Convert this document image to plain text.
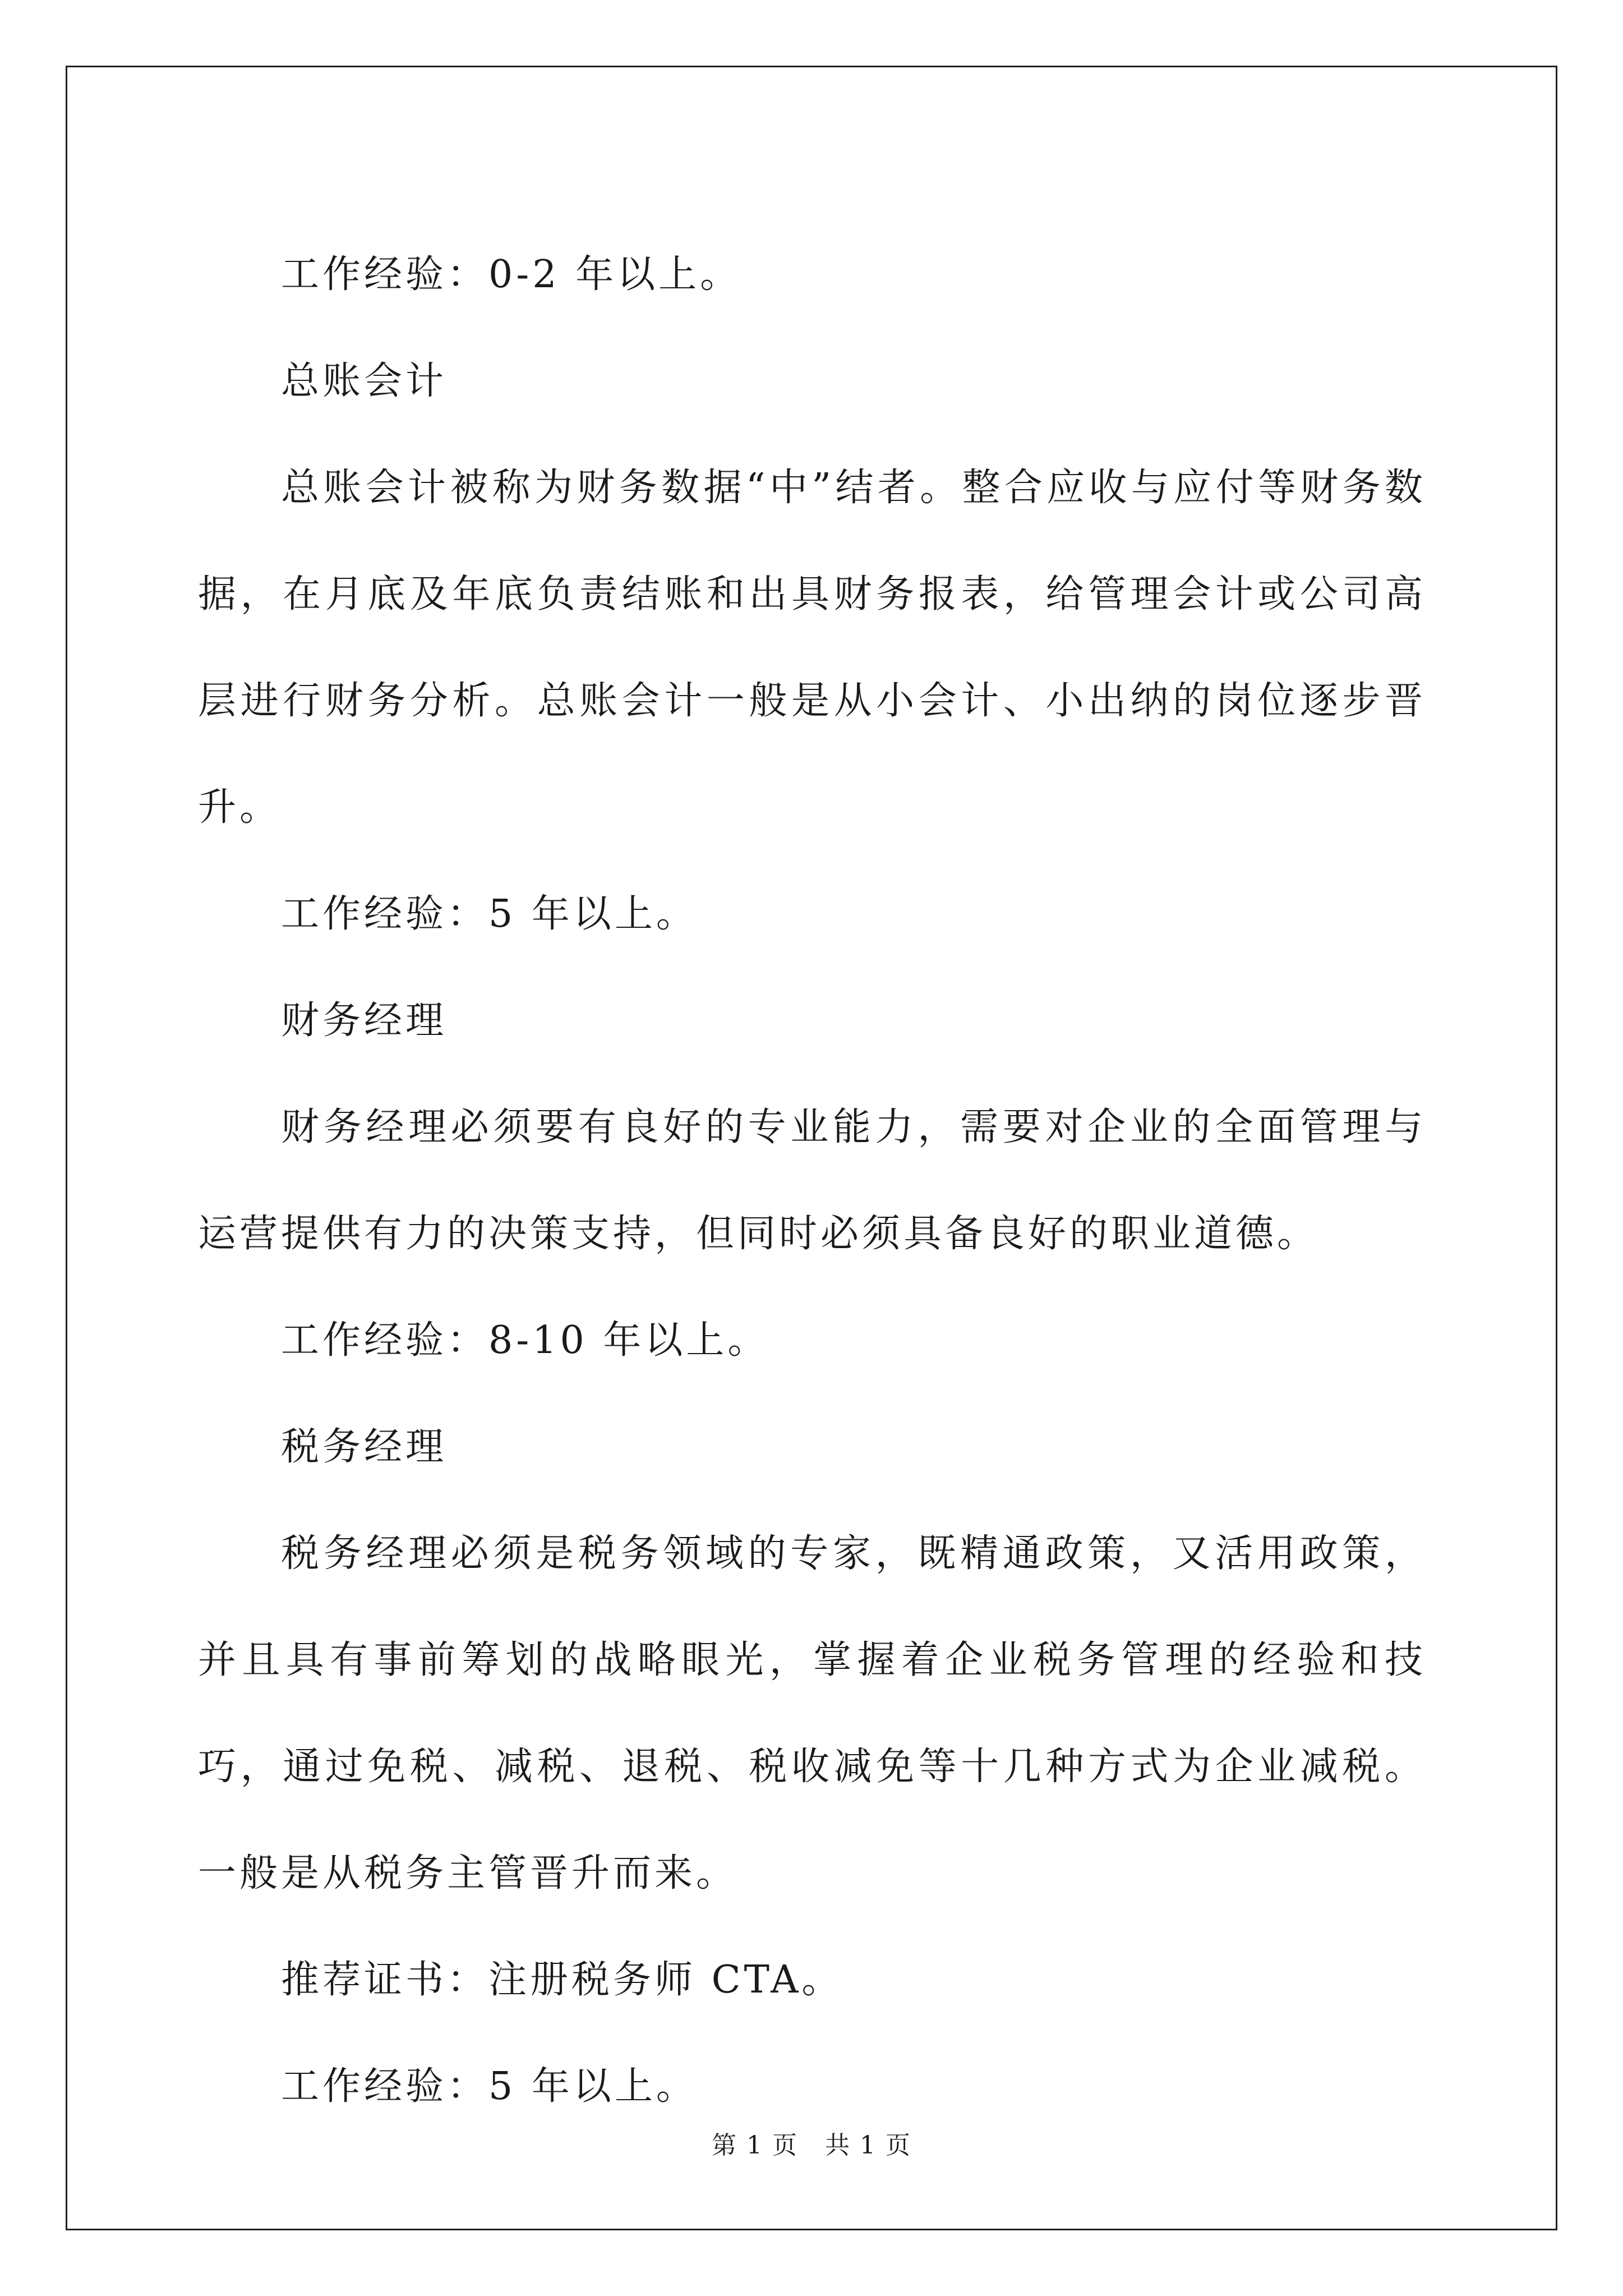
工作经验：0-2 年以上。

总账会计

总账会计被称为财务数据“中”结者。整合应收与应付等财务数据，在月底及年底负责结账和出具财务报表，给管理会计或公司高层进行财务分析。总账会计一般是从小会计、小出纳的岗位逐步晋升。

工作经验：5 年以上。

财务经理

财务经理必须要有良好的专业能力，需要对企业的全面管理与运营提供有力的决策支持，但同时必须具备良好的职业道德。

工作经验：8-10 年以上。

税务经理

税务经理必须是税务领域的专家，既精通政策，又活用政策，并且具有事前筹划的战略眼光，掌握着企业税务管理的经验和技巧，通过免税、减税、退税、税收减免等十几种方式为企业减税。一般是从税务主管晋升而来。

推荐证书：注册税务师 CTA。

工作经验：5 年以上。

第 1 页 共 1 页
